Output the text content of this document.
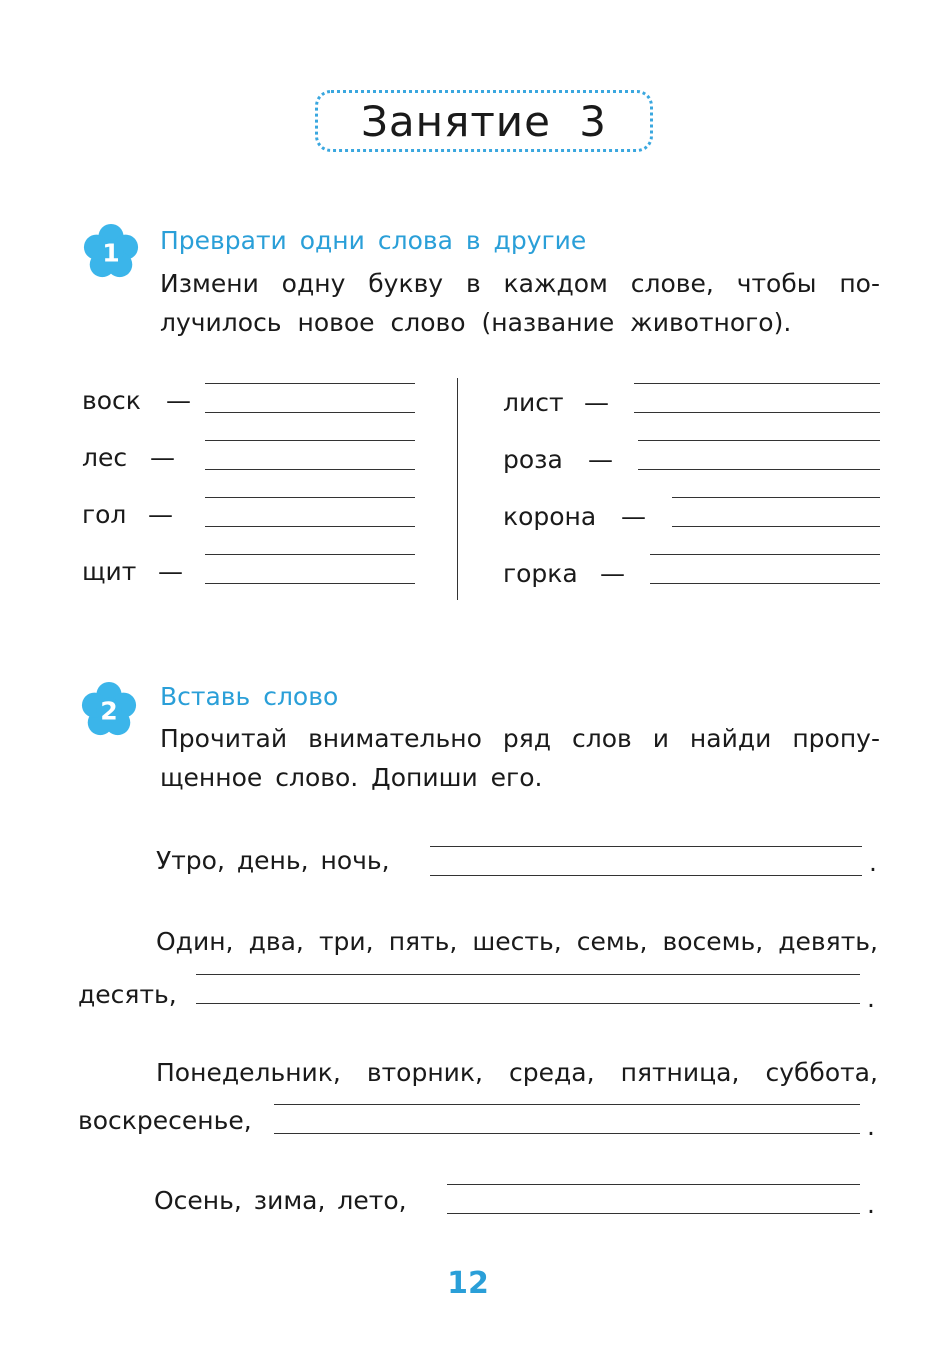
Занятие 3
1 Преврати одни слова в другие
Измени одну букву в каждом слове, чтобы по-
лучилось новое слово (название животного).
воск —
лес —
гол —
щит —
лист —
роза —
корона —
горка —
2
Вставь слово
Прочитай внимательно ряд слов и найди пропу-
щенное слово. Допиши его.
Утро, день, ночь,	.
Один, два, три, пять, шесть, семь, восемь, девять,
десять,	.
Понедельник, вторник, среда, пятница, суббота,
воскресенье,	.
Осень, зима, лето,	.
12
